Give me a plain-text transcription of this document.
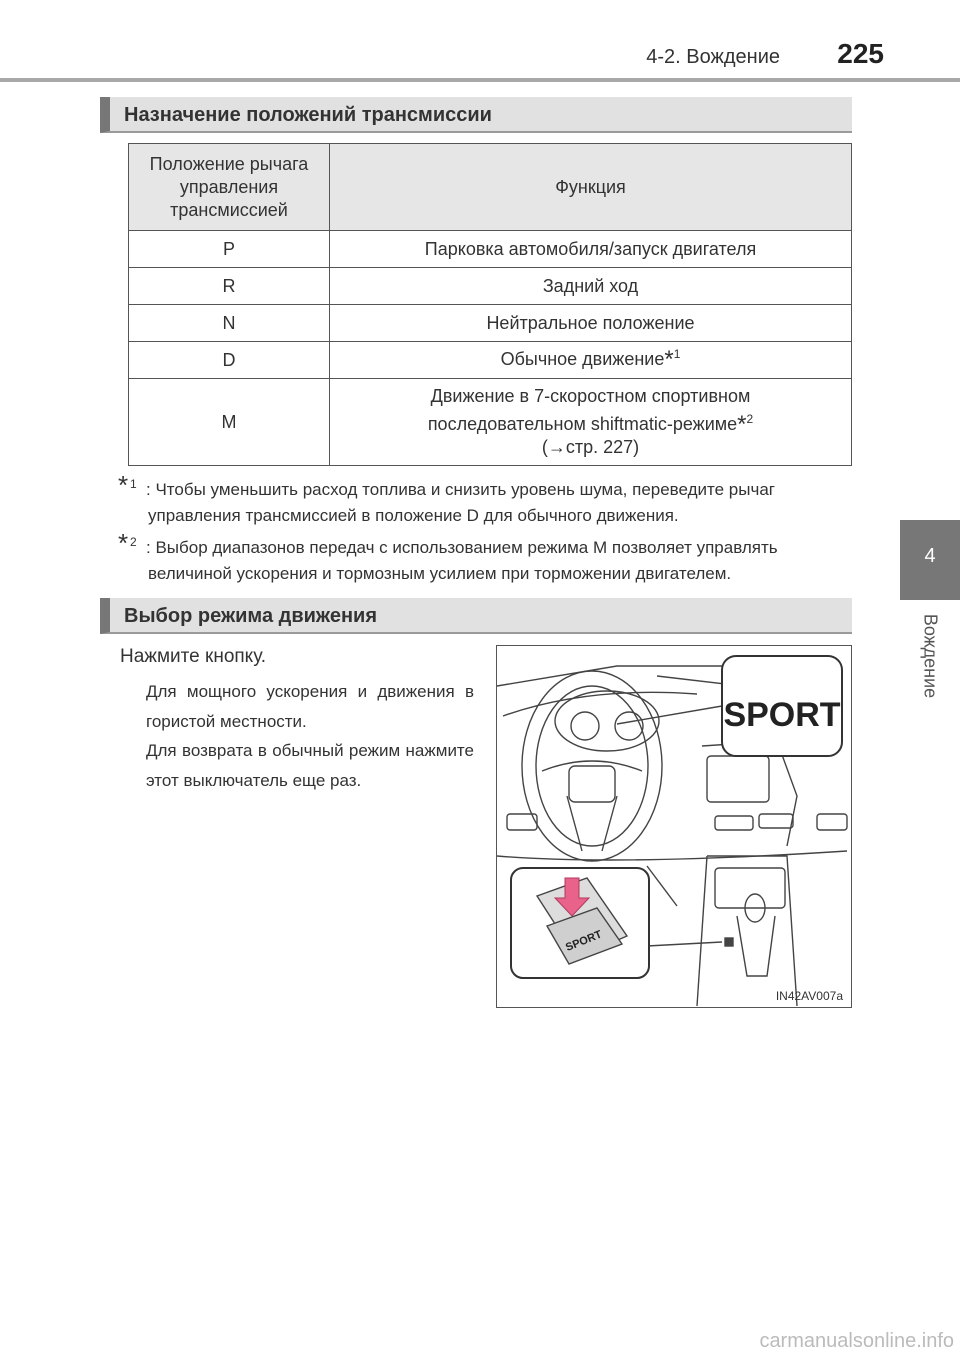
4-2. Вождение 225
4
Вождение
Назначение положений трансмиссии
Положение рычага управления трансмиссией	Функция
P	Парковка автомобиля/запуск двигателя
R	Задний ход
N	Нейтральное положение
D	Обычное движение*$^1$
M	Движение в 7-скоростном спортивном
последовательном shiftmatic-режиме*$^2$
(→стр. 227)
* 1 : Чтобы уменьшить расход топлива и снизить уровень шума, переведите рычаг управления трансмиссией в положение D для обычного движения.
* 2 : Выбор диапазонов передач с использованием режима M позволяет управлять величиной ускорения и тормозным усилием при торможении двигателем.
Выбор режима движения
Нажмите кнопку.
Для мощного ускорения и движения в гористой местности.
Для возврата в обычный режим нажмите этот выключатель еще раз.
SPORT
SPORT
IN42AV007a
carmanualsonline.info
